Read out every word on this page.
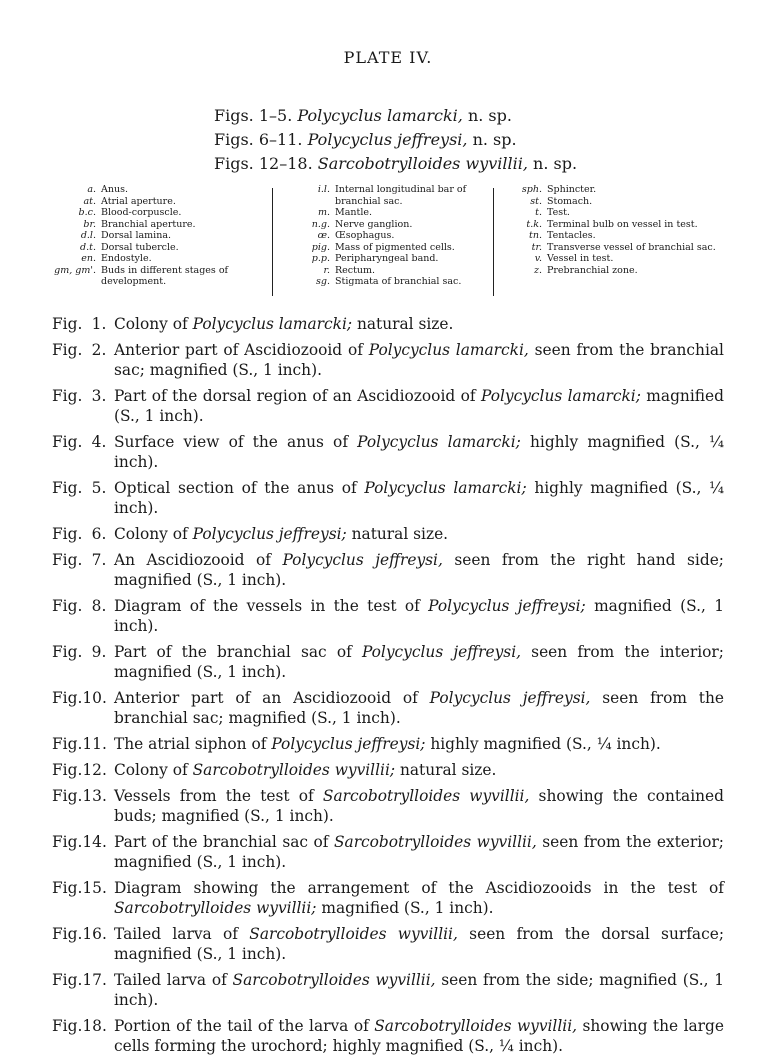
PLATE IV.
Figs. 1–5. Polycyclus lamarcki, n. sp.
Figs. 6–11. Polycyclus jeffreysi, n. sp.
Figs. 12–18. Sarcobotrylloides wyvillii, n. sp.
a. Anus.
at. Atrial aperture.
b.c. Blood-corpuscle.
br. Branchial aperture.
d.l. Dorsal lamina.
d.t. Dorsal tubercle.
en. Endostyle.
gm, gm'. Buds in different stages of development.
i.l. Internal longitudinal bar of branchial sac.
m. Mantle.
n.g. Nerve ganglion.
œ. Œsophagus.
pig. Mass of pigmented cells.
p.p. Peripharyngeal band.
r. Rectum.
sg. Stigmata of branchial sac.
sph. Sphincter.
st. Stomach.
t. Test.
t.k. Terminal bulb on vessel in test.
tn. Tentacles.
tr. Transverse vessel of branchial sac.
v. Vessel in test.
z. Prebranchial zone.
Fig. 1. Colony of Polycyclus lamarcki; natural size.
Fig. 2. Anterior part of Ascidiozooid of Polycyclus lamarcki, seen from the branchial sac; magnified (S., 1 inch).
Fig. 3. Part of the dorsal region of an Ascidiozooid of Polycyclus lamarcki; magnified (S., 1 inch).
Fig. 4. Surface view of the anus of Polycyclus lamarcki; highly magnified (S., ¼ inch).
Fig. 5. Optical section of the anus of Polycyclus lamarcki; highly magnified (S., ¼ inch).
Fig. 6. Colony of Polycyclus jeffreysi; natural size.
Fig. 7. An Ascidiozooid of Polycyclus jeffreysi, seen from the right hand side; magnified (S., 1 inch).
Fig. 8. Diagram of the vessels in the test of Polycyclus jeffreysi; magnified (S., 1 inch).
Fig. 9. Part of the branchial sac of Polycyclus jeffreysi, seen from the interior; magnified (S., 1 inch).
Fig.10. Anterior part of an Ascidiozooid of Polycyclus jeffreysi, seen from the branchial sac; magnified (S., 1 inch).
Fig.11. The atrial siphon of Polycyclus jeffreysi; highly magnified (S., ¼ inch).
Fig.12. Colony of Sarcobotrylloides wyvillii; natural size.
Fig.13. Vessels from the test of Sarcobotrylloides wyvillii, showing the contained buds; magnified (S., 1 inch).
Fig.14. Part of the branchial sac of Sarcobotrylloides wyvillii, seen from the exterior; magnified (S., 1 inch).
Fig.15. Diagram showing the arrangement of the Ascidiozooids in the test of Sarcobotrylloides wyvillii; magnified (S., 1 inch).
Fig.16. Tailed larva of Sarcobotrylloides wyvillii, seen from the dorsal surface; magnified (S., 1 inch).
Fig.17. Tailed larva of Sarcobotrylloides wyvillii, seen from the side; magnified (S., 1 inch).
Fig.18. Portion of the tail of the larva of Sarcobotrylloides wyvillii, showing the large cells forming the urochord; highly magnified (S., ¼ inch).
